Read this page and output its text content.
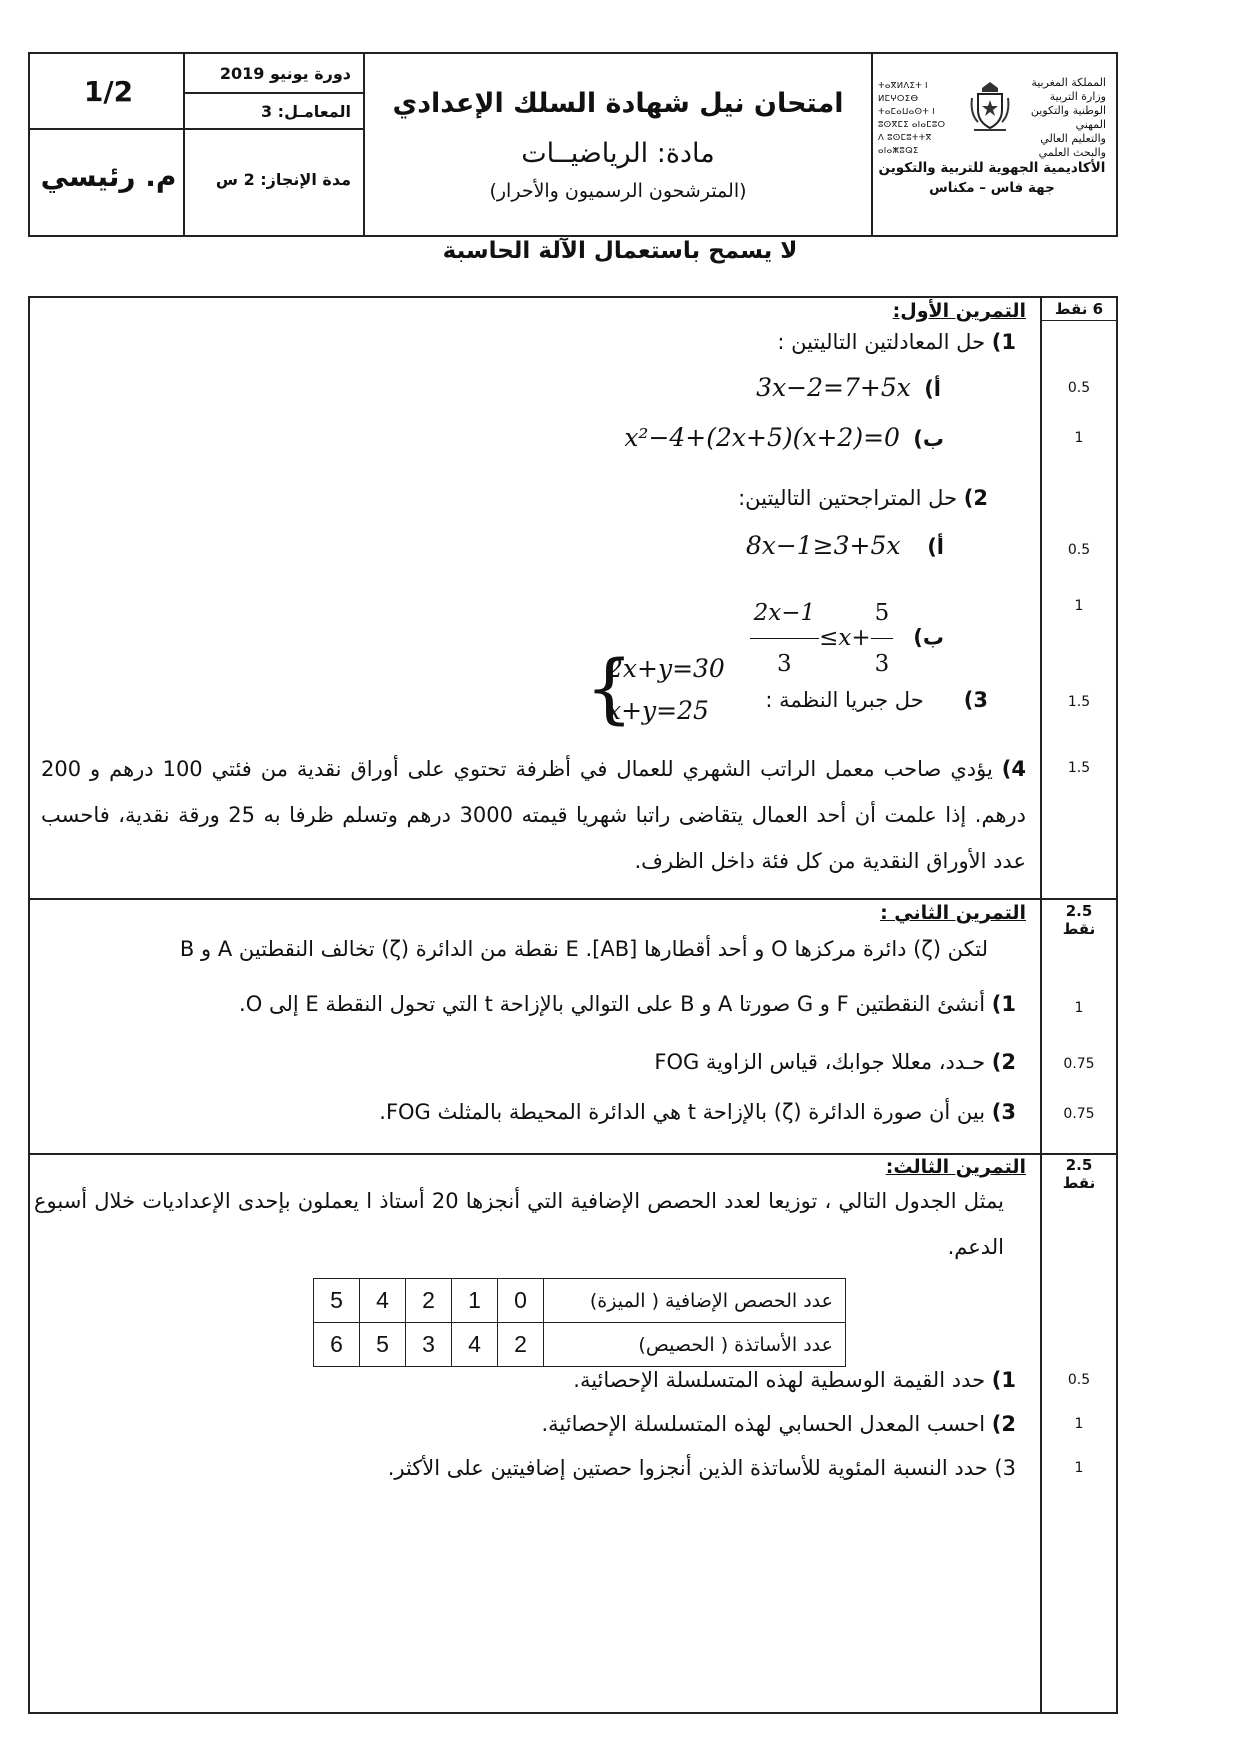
المملكة المغربية
وزارة التربية الوطنية والتكوين المهني
والتعليم العالي والبحث العلمي
ⵜⴰⴳⵍⴷⵉⵜ ⵏ ⵍⵎⵖⵔⵉⴱ
ⵜⴰⵎⴰⵡⴰⵙⵜ ⵏ ⵓⵙⴳⵎⵉ ⴰⵏⴰⵎⵓⵔ
ⴷ ⵓⵙⵎⵓⵜⵜⴳ ⴰⵏⴰⵥⵓⵕⵉ
الأكاديمية الجهوية للتربية والتكوين
جهة فاس – مكناس
امتحان نيل شهادة السلك الإعدادي
مادة: الرياضيــات
(المترشحون الرسميون والأحرار)
دورة يونيو 2019
المعامـل: 3
مدة الإنجاز: 2 س
1/2
م. رئيسي
لا يسمح باستعمال الآلة الحاسبة
6 نقط
التمرين الأول:
1) حل المعادلتين التاليتين :
أ)  3x−2=7+5x	0.5
ب)  x²−4+(2x+5)(x+2)=0	1
2) حل المتراجحتين التاليتين:
أ)    8x−1≥3+5x	0.5
ب)
$\frac{2x-1}{3} \le x+ \frac{5}{3}$	1
3)      حل جبريا النظمة :
{
2x+y=30
x+y=25	1.5
4) يؤدي صاحب معمل الراتب الشهري للعمال في أظرفة تحتوي على أوراق نقدية من فئتي 100 درهم و 200 درهم. إذا علمت أن أحد العمال يتقاضى راتبا شهريا قيمته 3000 درهم وتسلم ظرفا به 25 ورقة نقدية، فاحسب عدد الأوراق النقدية من كل فئة داخل الظرف.
1.5
2.5
نقط
التمرين الثاني :
لتكن (ζ) دائرة مركزها O و أحد أقطارها [AB]. E نقطة من الدائرة (ζ) تخالف النقطتين A و B
1) أنشئ النقطتين F و G صورتا A و B على التوالي بالإزاحة t التي تحول النقطة E إلى O.	1
2) حـدد، معللا جوابك، قياس الزاوية FOG	0.75
3) بين أن صورة الدائرة (ζ) بالإزاحة t هي الدائرة المحيطة بالمثلث FOG.	0.75
2.5
نقط
التمرين الثالث:
يمثل الجدول التالي ، توزيعا لعدد الحصص الإضافية التي أنجزها 20 أستاذ ا يعملون بإحدى الإعداديات خلال أسبوع الدعم.
عدد الحصص الإضافية ( الميزة)	0	1	2	4	5
عدد الأساتذة ( الحصيص)	2	4	3	5	6
1) حدد القيمة الوسطية لهذه المتسلسلة الإحصائية.	0.5
2) احسب المعدل الحسابي لهذه المتسلسلة الإحصائية.	1
3) حدد النسبة المئوية للأساتذة الذين أنجزوا حصتين إضافيتين على الأكثر.	1
